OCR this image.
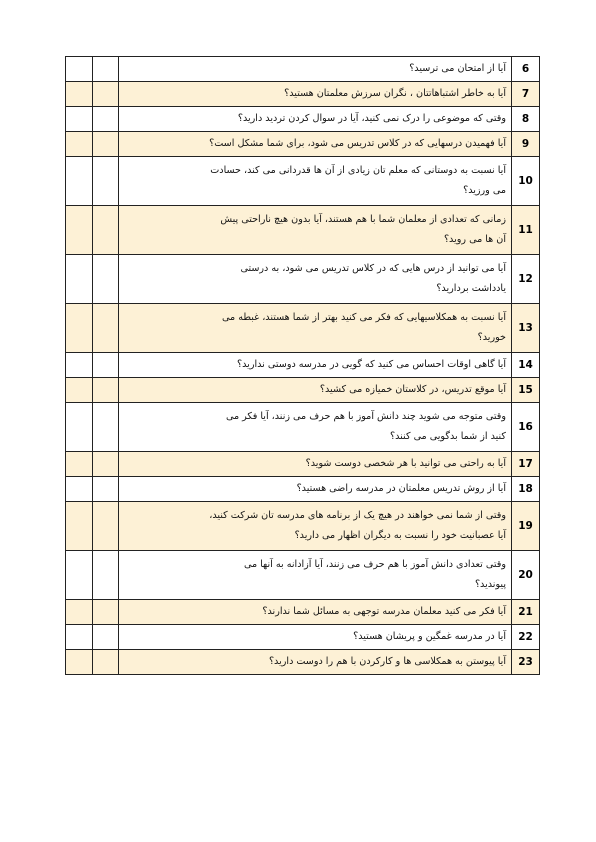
6	آیا از امتحان می ترسید؟		

7	آیا به خاطر اشتباهاتتان ، نگران سرزش معلمتان هستید؟		

8	وقتی که موضوعی را درک نمی کنید، آیا در سوال کردن تردید دارید؟		

9	آیا فهمیدن درسهایی که در کلاس تدریس می شود، برای شما مشکل است؟		

10	آیا نسبت به دوستانی که معلم تان زیادی از آن ها قدردانی می کند، حسادت
می ورزید؟		

11	زمانی که تعدادی از معلمان شما با هم هستند، آیا بدون هیچ ناراحتی پیش
آن ها می روید؟		

12	آیا می توانید از درس هایی که در کلاس تدریس می شود، به درستی
یادداشت بردارید؟		

13	آیا نسبت به همکلاسیهایی که فکر می کنید بهتر از شما هستند، غبطه می
خورید؟		

14	آیا گاهی اوقات احساس می کنید که گویی در مدرسه دوستی ندارید؟		

15	آیا موقع تدریس، در کلاستان خمیازه می کشید؟		

16	وقتی متوجه می شوید چند دانش آموز با هم حرف می زنند، آیا فکر می
کنید از شما بدگویی می کنند؟		

17	آیا به راحتی می توانید با هر شخصی دوست شوید؟		

18	آیا از روش تدریس معلمتان در مدرسه راضی هستید؟		

19	وقتی از شما نمی خواهند در هیچ یک از برنامه های مدرسه تان شرکت کنید،
آیا عصبانیت خود را نسبت به دیگران اظهار می دارید؟		

20	وقتی تعدادی دانش آموز با هم حرف می زنند، آیا آزادانه به آنها می
پیوندید؟		

21	آیا فکر می کنید معلمان مدرسه توجهی به مسائل شما ندارند؟		

22	آیا در مدرسه غمگین و پریشان هستید؟		

23	آیا پیوستن به همکلاسی ها و کارکردن با هم را دوست دارید؟		
